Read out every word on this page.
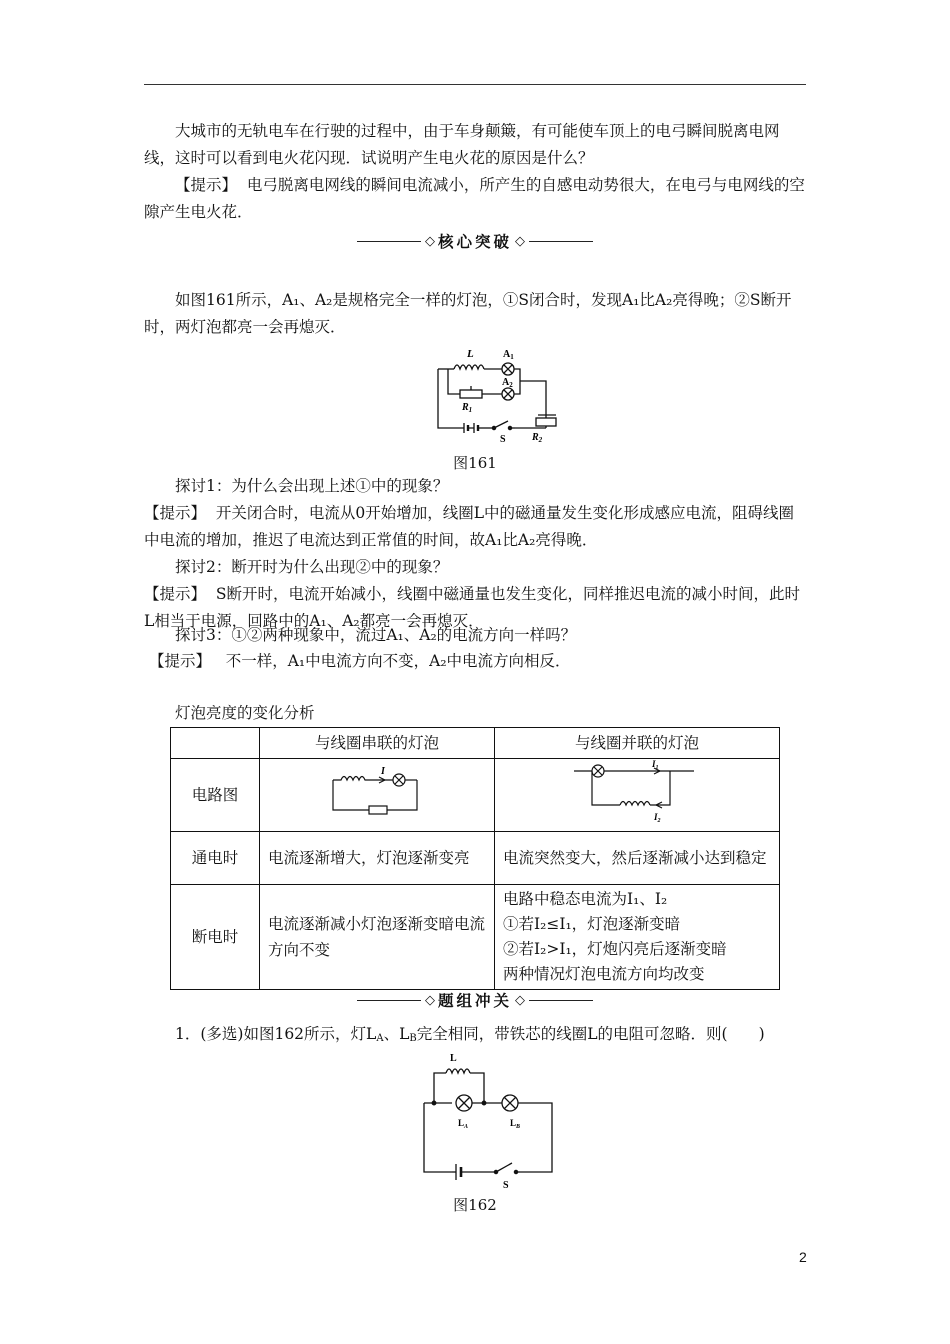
大城市的无轨电车在行驶的过程中，由于车身颠簸，有可能使车顶上的电弓瞬间脱离电网线，这时可以看到电火花闪现．试说明产生电火花的原因是什么？

【提示】 电弓脱离电网线的瞬间电流减小，所产生的自感电动势很大，在电弓与电网线的空隙产生电火花．

◇ 核心突破 ◇

如图161所示，A₁、A₂是规格完全一样的灯泡，①S闭合时，发现A₁比A₂亮得晚；②S断开时，两灯泡都亮一会再熄灭．

L	$A_1$
$A_2$
$R_1$
$R_2$
S
图161

探讨1：为什么会出现上述①中的现象？

【提示】 开关闭合时，电流从0开始增加，线圈L中的磁通量发生变化形成感应电流，阻碍线圈中电流的增加，推迟了电流达到正常值的时间，故A₁比A₂亮得晚．

探讨2：断开时为什么出现②中的现象？

【提示】 S断开时，电流开始减小，线圈中磁通量也发生变化，同样推迟电流的减小时间，此时L相当于电源，回路中的A₁、A₂都亮一会再熄灭．

探讨3：①②两种现象中，流过A₁、A₂的电流方向一样吗？

【提示】 不一样，A₁中电流方向不变，A₂中电流方向相反．

灯泡亮度的变化分析
	与线圈串联的灯泡	与线圈并联的灯泡
电路图	I	$I_1$
$I_2$

通电时	电流逐渐增大，灯泡逐渐变亮	电流突然变大，然后逐渐减小达到稳定
断电时	电流逐渐减小灯泡逐渐变暗电流方向不变	电路中稳态电流为I₁、I₂
①若I₂≤I₁，灯泡逐渐变暗
②若I₂>I₁，灯炮闪亮后逐渐变暗
两种情况灯泡电流方向均改变
◇ 题组冲关 ◇

1．(多选)如图162所示，灯$L_A$、$L_B$完全相同，带铁芯的线圈L的电阻可忽略．则(　　)

L
$L_A$	$L_B$
S
图162
2
